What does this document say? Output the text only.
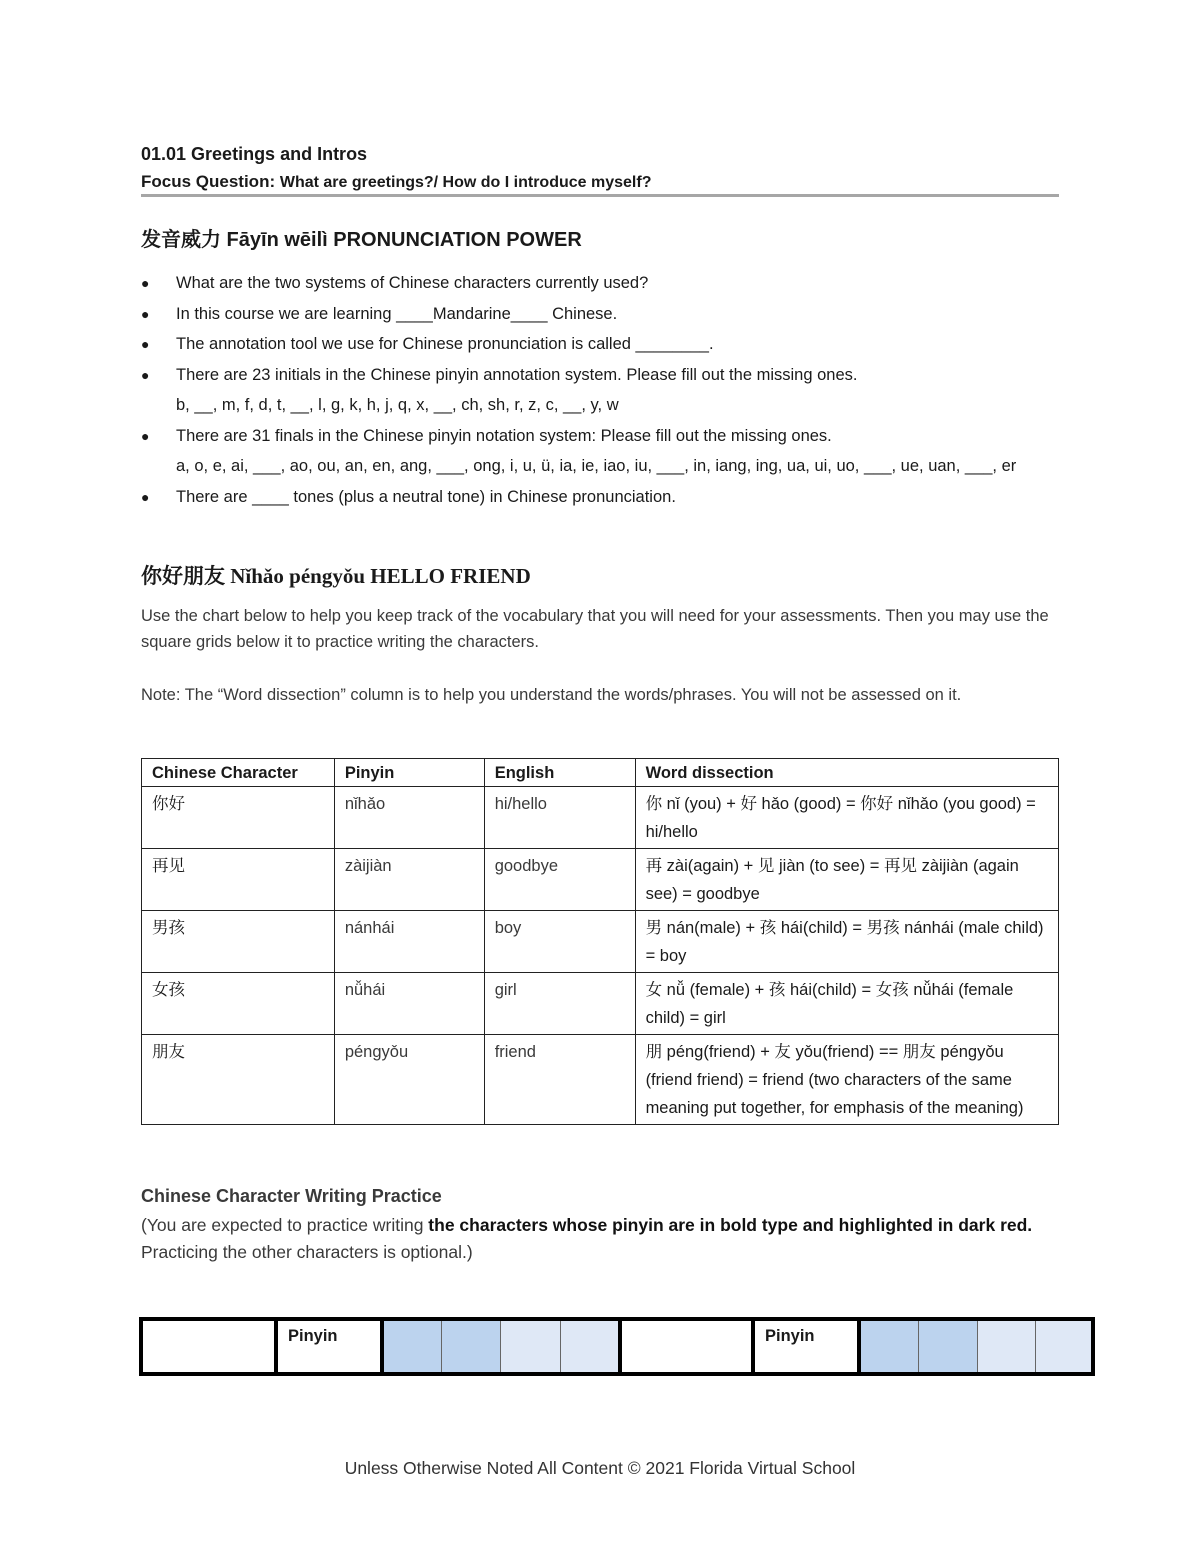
01.01 Greetings and Intros
Focus Question: What are greetings?/ How do I introduce myself?
发音威力 Fāyīn wēilì PRONUNCIATION POWER
● What are the two systems of Chinese characters currently used?
● In this course we are learning ____Mandarine____ Chinese.
● The annotation tool we use for Chinese pronunciation is called ________.
● There are 23 initials in the Chinese pinyin annotation system. Please fill out the missing ones.
b, __, m, f, d, t, __, l, g, k, h, j, q, x, __, ch, sh, r, z, c, __, y, w
● There are 31 finals in the Chinese pinyin notation system: Please fill out the missing ones.
a, o, e, ai, ___, ao, ou, an, en, ang, ___, ong, i, u, ü, ia, ie, iao, iu, ___, in, iang, ing, ua, ui, uo, ___, ue, uan, ___, er
● There are ____ tones (plus a neutral tone) in Chinese pronunciation.
你好朋友 Nǐhǎo péngyǒu HELLO FRIEND
Use the chart below to help you keep track of the vocabulary that you will need for your assessments. Then you may use the square grids below it to practice writing the characters.
Note: The “Word dissection” column is to help you understand the words/phrases. You will not be assessed on it.
Chinese Character	Pinyin	English	Word dissection
你好	nǐhǎo	hi/hello	你 nǐ (you) + 好 hǎo (good) = 你好 nǐhǎo (you good) = hi/hello
再见	zàijiàn	goodbye	再 zài(again) + 见 jiàn (to see) = 再见 zàijiàn (again see) = goodbye
男孩	nánhái	boy	男 nán(male) + 孩 hái(child) = 男孩 nánhái (male child) = boy
女孩	nǚhái	girl	女 nǚ (female) + 孩 hái(child) = 女孩 nǚhái (female child) = girl
朋友	péngyǒu	friend	朋 péng(friend) + 友 yǒu(friend) == 朋友 péngyǒu (friend friend) = friend (two characters of the same meaning put together, for emphasis of the meaning)
Chinese Character Writing Practice
(You are expected to practice writing the characters whose pinyin are in bold type and highlighted in dark red. Practicing the other characters is optional.)
Pinyin	Pinyin
Unless Otherwise Noted All Content © 2021 Florida Virtual School
